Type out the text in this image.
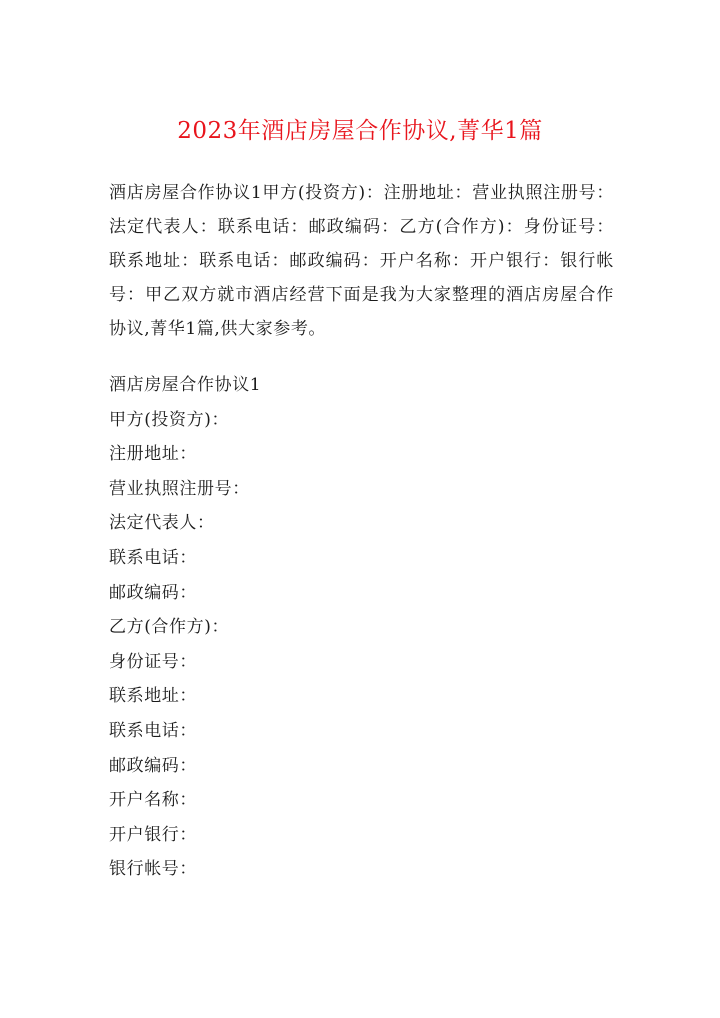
2023年酒店房屋合作协议,菁华1篇

酒店房屋合作协议1甲方(投资方)：注册地址：营业执照注册号：法定代表人：联系电话：邮政编码：乙方(合作方)：身份证号：联系地址：联系电话：邮政编码：开户名称：开户银行：银行帐号：甲乙双方就市酒店经营下面是我为大家整理的酒店房屋合作协议,菁华1篇,供大家参考。

酒店房屋合作协议1
甲方(投资方)：
注册地址：
营业执照注册号：
法定代表人：
联系电话：
邮政编码：
乙方(合作方)：
身份证号：
联系地址：
联系电话：
邮政编码：
开户名称：
开户银行：
银行帐号：
